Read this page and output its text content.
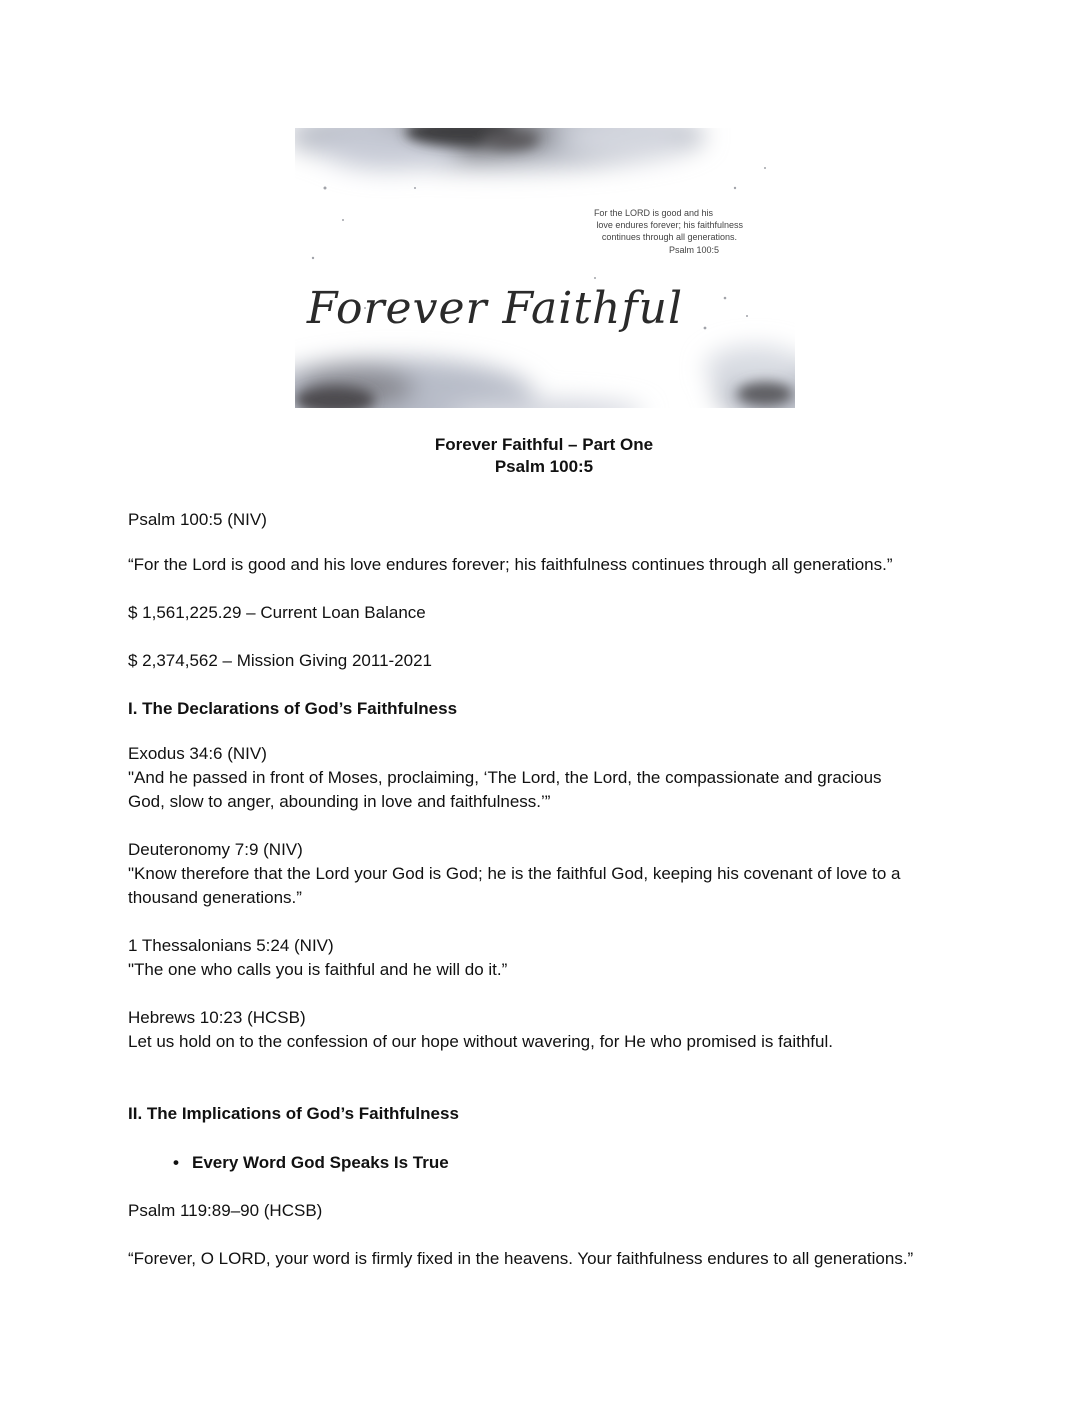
For the LORD is good and his
love endures forever; his faithfulness
continues through all generations.
Psalm 100:5
Forever Faithful
Forever Faithful – Part One
Psalm 100:5
Psalm 100:5 (NIV)
“For the Lord is good and his love endures forever; his faithfulness continues through all generations.”
$ 1,561,225.29 – Current Loan Balance
$ 2,374,562 – Mission Giving 2011-2021
I. The Declarations of God’s Faithfulness
Exodus 34:6 (NIV)
"And he passed in front of Moses, proclaiming, ‘The Lord, the Lord, the compassionate and gracious
God, slow to anger, abounding in love and faithfulness.’”
Deuteronomy 7:9 (NIV)
"Know therefore that the Lord your God is God; he is the faithful God, keeping his covenant of love to a
thousand generations.”
1 Thessalonians 5:24 (NIV)
"The one who calls you is faithful and he will do it.”
Hebrews 10:23 (HCSB)
Let us hold on to the confession of our hope without wavering, for He who promised is faithful.
II. The Implications of God’s Faithfulness
• Every Word God Speaks Is True
Psalm 119:89–90 (HCSB)
“Forever, O LORD, your word is firmly fixed in the heavens. Your faithfulness endures to all generations.”
